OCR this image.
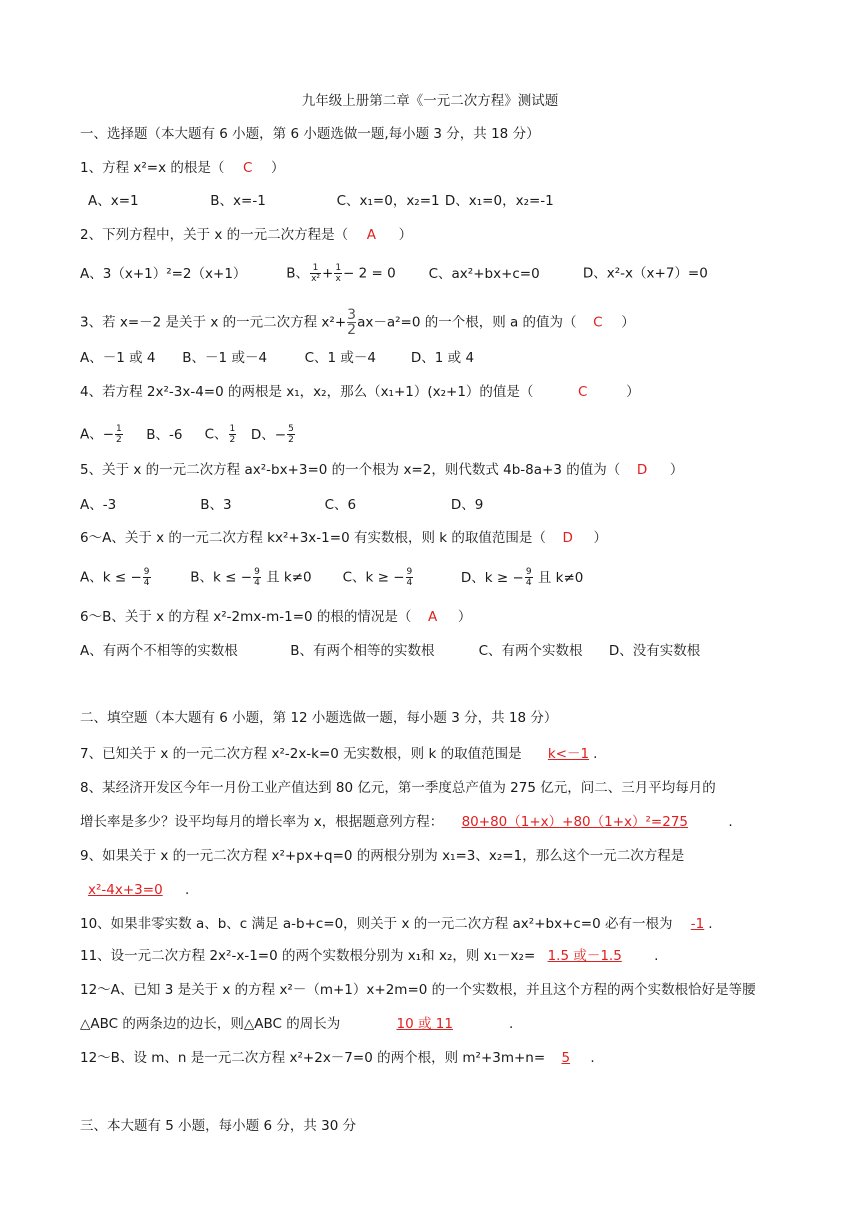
九年级上册第二章《一元二次方程》测试题
一、选择题（本大题有 6 小题，第 6 小题选做一题,每小题 3 分，共 18 分）
1、方程 x²=x 的根是（ C ）
A、x=1	B、x=-1	C、x₁=0，x₂=1 D、x₁=0，x₂=-1
2、下列方程中，关于 x 的一元二次方程是（ A ）
A、3（x+1）²=2（x+1）	B、 $\frac{1}{\text{x²}} + \frac{1}{x} - 2 = 0$ C、ax²+bx+c=0	D、x²-x（x+7）=0
3、若 x=－2 是关于 x 的一元二次方程 $x^2+ \frac{3}{2}ax-a^2=0$ 的一个根，则 a 的值为（ C ）
A、－1 或 4 B、－1 或－4	C、1 或－4	D、1 或 4
4、若方程 2x²-3x-4=0 的两根是 x₁，x₂，那么（x₁+1）(x₂+1）的值是（	C	）
A、− $\frac{1}{2}$ B、-6 C、 $\frac{1}{2}$ D、− $\frac{5}{2}$
5、关于 x 的一元二次方程 ax²-bx+3=0 的一个根为 x=2，则代数式 4b-8a+3 的值为（ D ）
A、-3	B、3	C、6	D、9
6～A、关于 x 的一元二次方程 kx²+3x-1=0 有实数根，则 k 的取值范围是（ D ）
A、k ≤ − $\frac{9}{4}$	B、k ≤ − $\frac{9}{4}$ 且 k≠0 C、k ≥ − $\frac{9}{4}$	D、k ≥ − $\frac{9}{4}$ 且 k≠0
6～B、关于 x 的方程 x²-2mx-m-1=0 的根的情况是（ A ）
A、有两个不相等的实数根	B、有两个相等的实数根	C、有两个实数根 D、没有实数根
二、填空题（本大题有 6 小题，第 12 小题选做一题，每小题 3 分，共 18 分）
7、已知关于 x 的一元二次方程 x²-2x-k=0 无实数根，则 k 的取值范围是 k<－1 .
8、某经济开发区今年一月份工业产值达到 80 亿元，第一季度总产值为 275 亿元，问二、三月平均每月的
增长率是多少？设平均每月的增长率为 x，根据题意列方程： 80+80（1+x）+80（1+x）²=275	.
9、如果关于 x 的一元二次方程 x²+px+q=0 的两根分别为 x₁=3、x₂=1，那么这个一元二次方程是
x²-4x+3=0 .
10、如果非零实数 a、b、c 满足 a-b+c=0，则关于 x 的一元二次方程 ax²+bx+c=0 必有一根为 -1 .
11、设一元二次方程 2x²-x-1=0 的两个实数根分别为 x₁和 x₂，则 x₁－x₂= 1.5 或－1.5 .
12～A、已知 3 是关于 x 的方程 x²－（m+1）x+2m=0 的一个实数根，并且这个方程的两个实数根恰好是等腰
△ABC 的两条边的边长，则△ABC 的周长为	10 或 11	.
12～B、设 m、n 是一元二次方程 x²+2x－7=0 的两个根，则 m²+3m+n= 5 .
三、本大题有 5 小题，每小题 6 分，共 30 分
